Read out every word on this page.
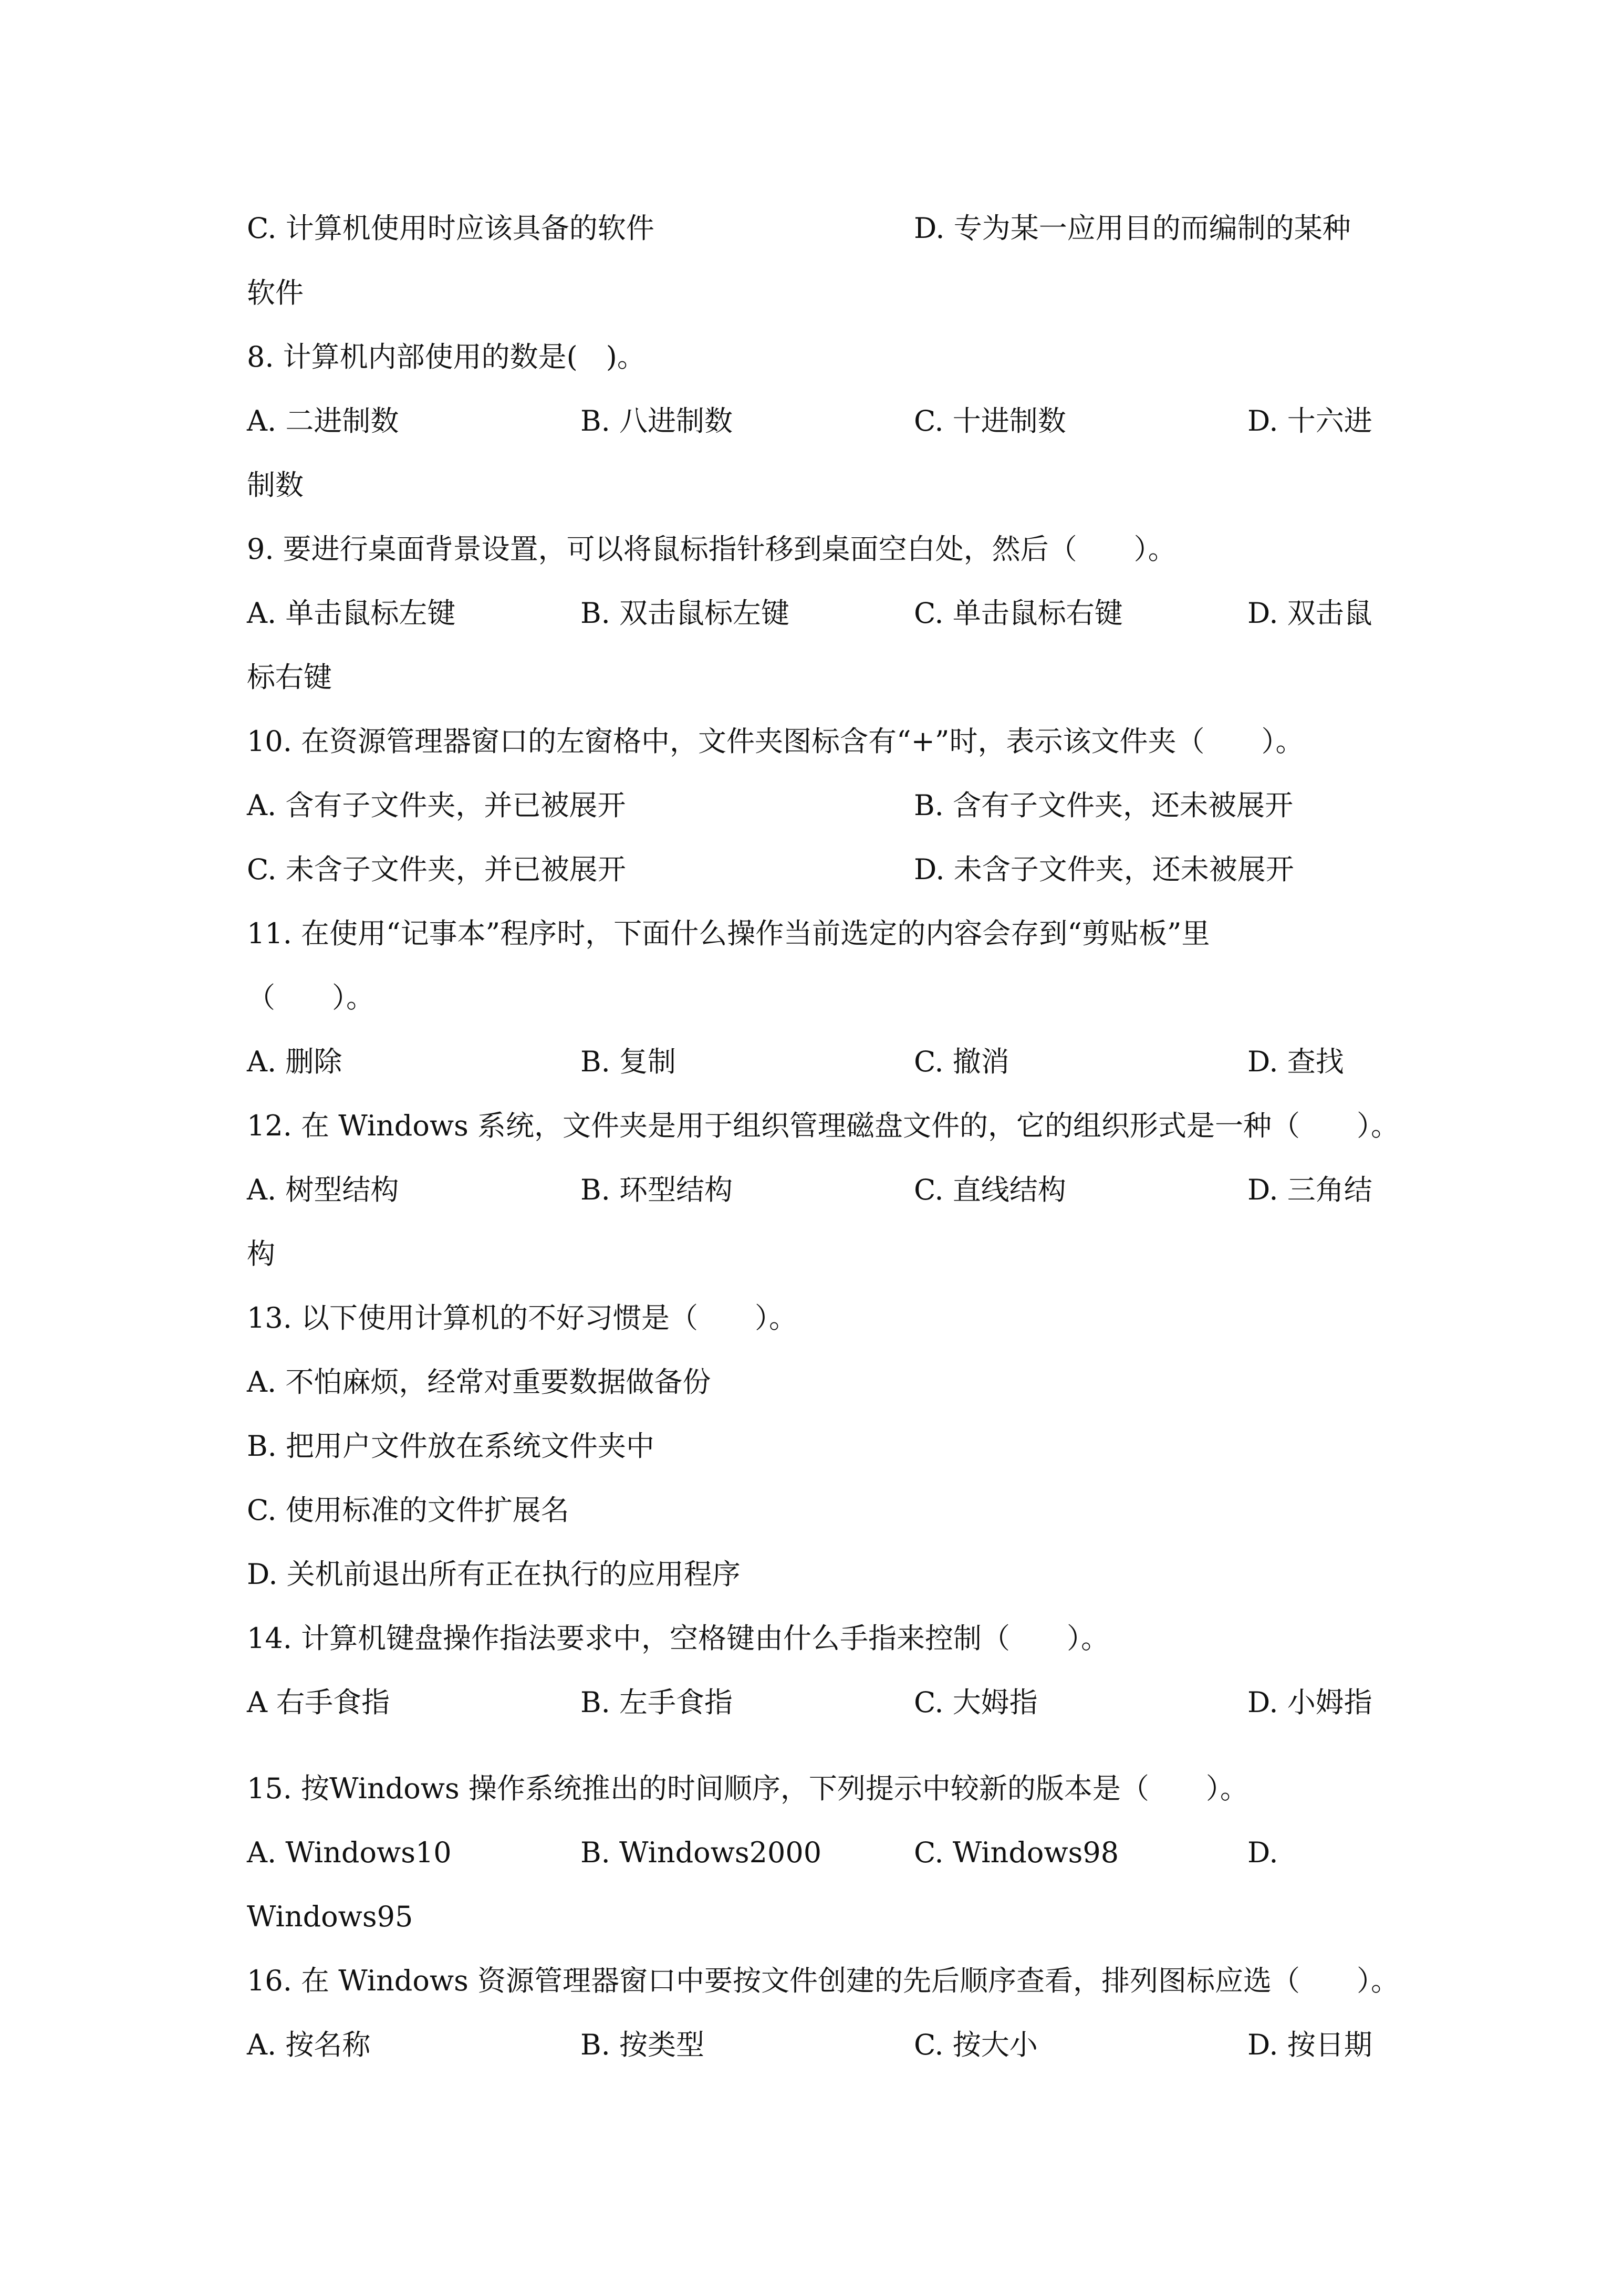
C. 计算机使用时应该具备的软件	D. 专为某一应用目的而编制的某种
软件
8. 计算机内部使用的数是(　)。
A. 二进制数	B. 八进制数	C. 十进制数	D. 十六进
制数
9. 要进行桌面背景设置，可以将鼠标指针移到桌面空白处，然后（　　）。
A. 单击鼠标左键	B. 双击鼠标左键	C. 单击鼠标右键	D. 双击鼠
标右键
10. 在资源管理器窗口的左窗格中，文件夹图标含有“+”时，表示该文件夹（　　）。
A. 含有子文件夹，并已被展开	B. 含有子文件夹，还未被展开
C. 未含子文件夹，并已被展开	D. 未含子文件夹，还未被展开
11. 在使用“记事本”程序时，下面什么操作当前选定的内容会存到“剪贴板”里
（　　）。
A. 删除	B. 复制	C. 撤消	D. 查找
12. 在 Windows 系统，文件夹是用于组织管理磁盘文件的，它的组织形式是一种（　　）。
A. 树型结构	B. 环型结构	C. 直线结构	D. 三角结
构
13. 以下使用计算机的不好习惯是（　　）。
A. 不怕麻烦，经常对重要数据做备份
B. 把用户文件放在系统文件夹中
C. 使用标准的文件扩展名
D. 关机前退出所有正在执行的应用程序
14. 计算机键盘操作指法要求中，空格键由什么手指来控制（　　）。
A 右手食指	B. 左手食指	C. 大姆指	D. 小姆指
15. 按Windows 操作系统推出的时间顺序，下列提示中较新的版本是（　　）。
A. Windows10	B. Windows2000	C. Windows98	D.
Windows95
16. 在 Windows 资源管理器窗口中要按文件创建的先后顺序查看，排列图标应选（　　）。
A. 按名称	B. 按类型	C. 按大小	D. 按日期
